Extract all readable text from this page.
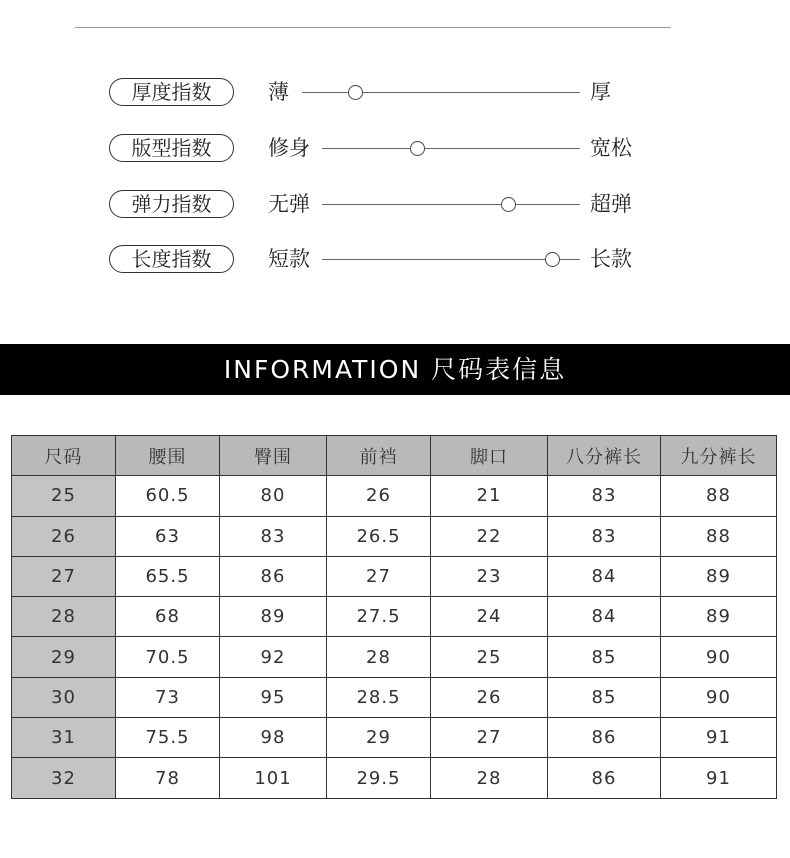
厚度指数	薄	厚
版型指数	修身	宽松
弹力指数	无弹	超弹
长度指数	短款	长款
INFORMATION 尺码表信息
尺码	腰围	臀围	前裆	脚口	八分裤长	九分裤长
25	60.5	80	26	21	83	88
26	63	83	26.5	22	83	88
27	65.5	86	27	23	84	89
28	68	89	27.5	24	84	89
29	70.5	92	28	25	85	90
30	73	95	28.5	26	85	90
31	75.5	98	29	27	86	91
32	78	101	29.5	28	86	91
